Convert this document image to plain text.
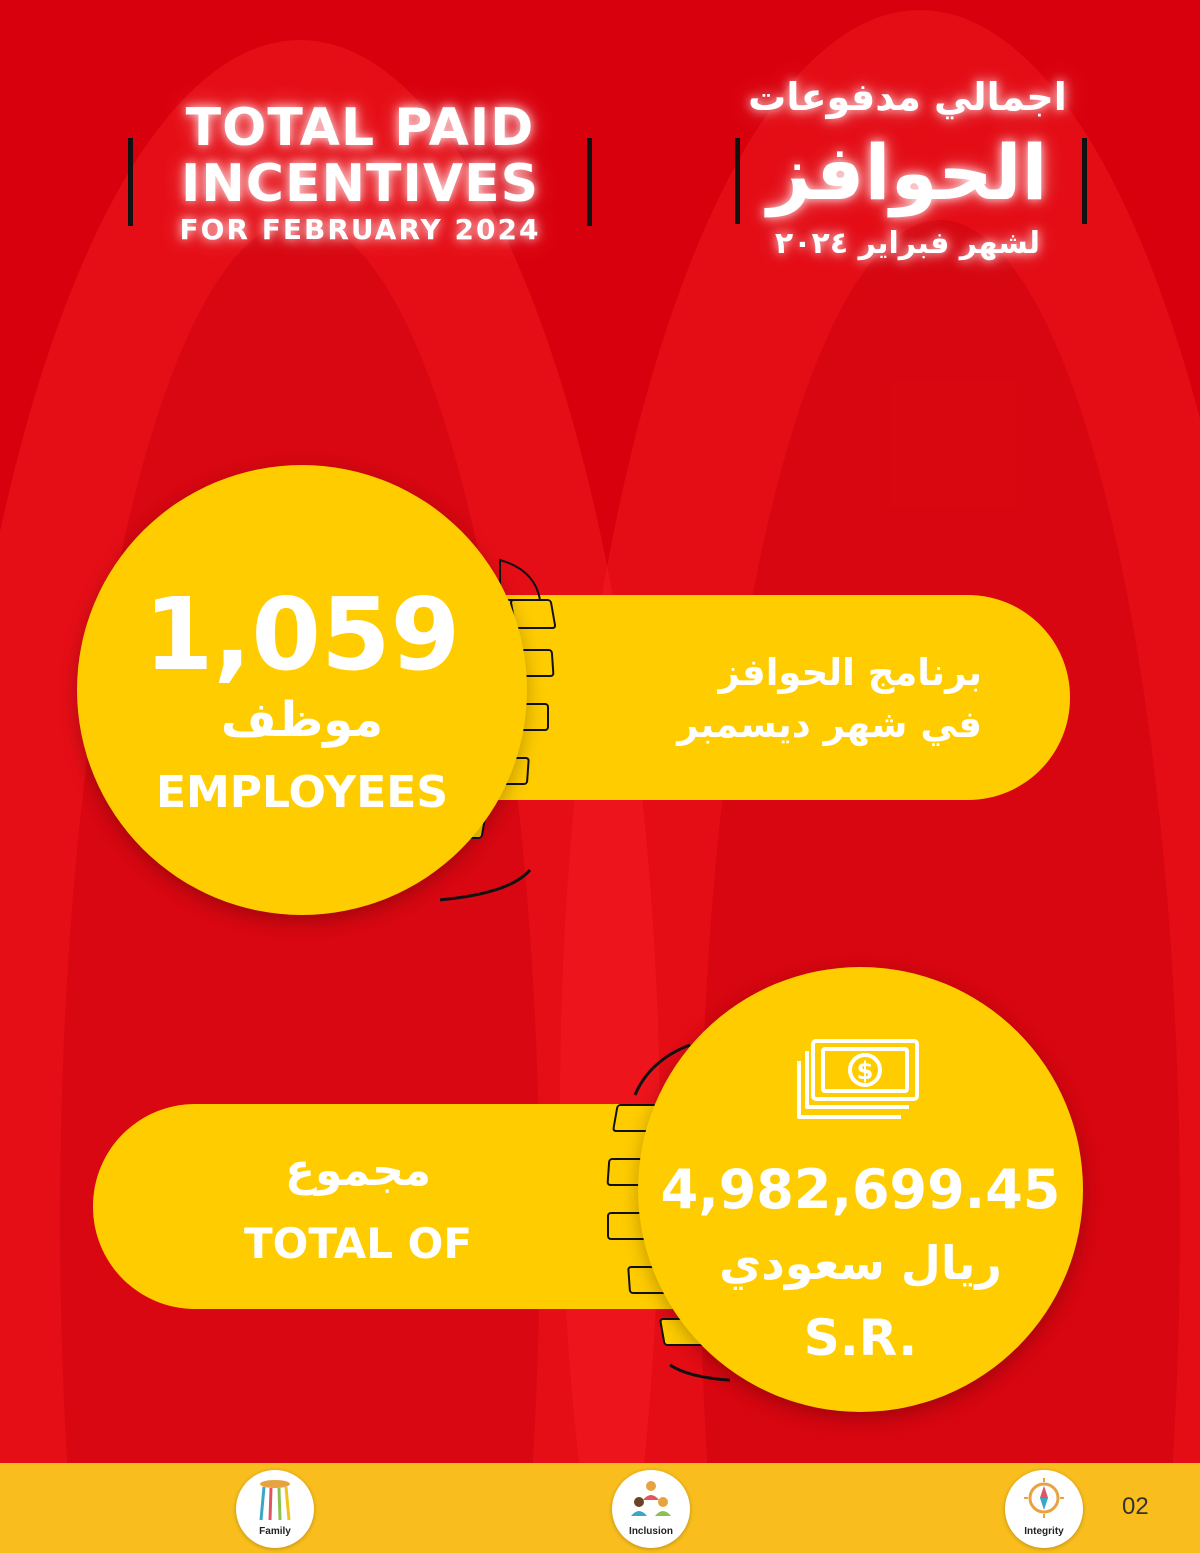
TOTAL PAID
INCENTIVES
FOR FEBRUARY 2024
اجمالي مدفوعات
الحوافز
لشهر فبراير ٢٠٢٤
برنامج الحوافز
في شهر ديسمبر
1,059
موظف
EMPLOYEES
مجموع
TOTAL OF
$
4,982,699.45
ريال سعودي
S.R.
Family	Inclusion	Integrity
02
